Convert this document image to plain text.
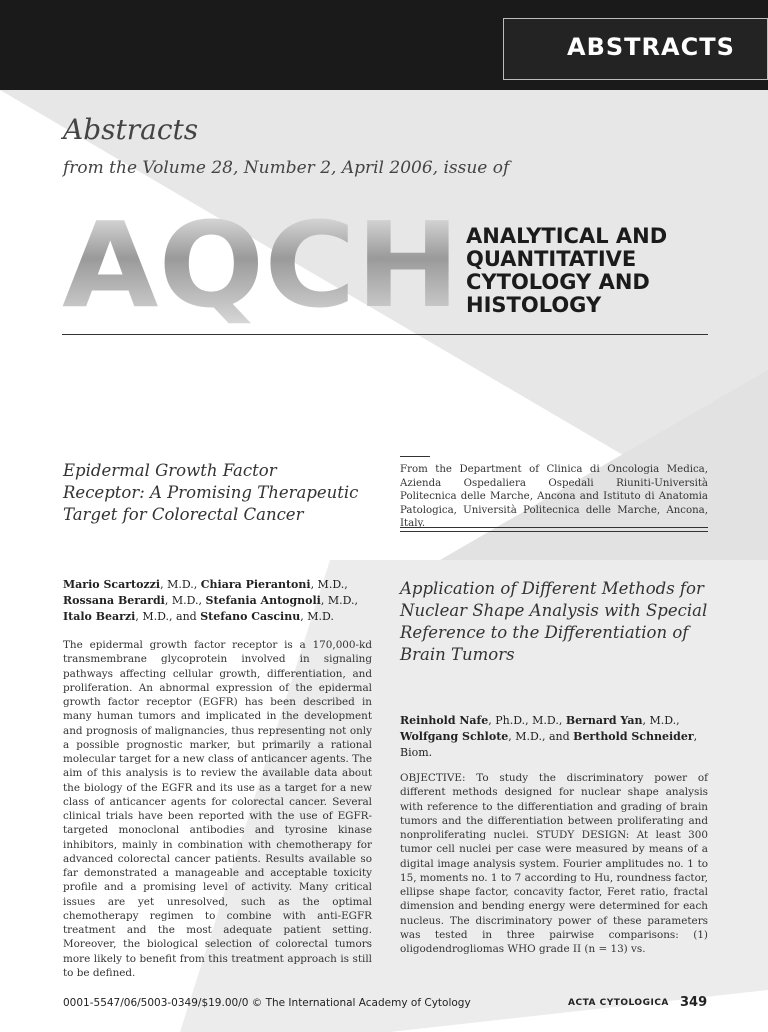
ABSTRACTS
Abstracts
from the Volume 28, Number 2, April 2006, issue of
AQCH ANALYTICAL AND
QUANTITATIVE
CYTOLOGY AND
HISTOLOGY
Epidermal Growth Factor Receptor: A Promising Therapeutic Target for Colorectal Cancer
From the Department of Clinica di Oncologia Medica, Azienda Ospedaliera Ospedali Riuniti-Università Politecnica delle Marche, Ancona and Istituto di Anatomia Patologica, Università Politecnica delle Marche, Ancona, Italy.
Mario Scartozzi, M.D., Chiara Pierantoni, M.D.,
Rossana Berardi, M.D., Stefania Antognoli, M.D.,
Italo Bearzi, M.D., and Stefano Cascinu, M.D.
The epidermal growth factor receptor is a 170,000-kd transmembrane glycoprotein involved in signaling pathways affecting cellular growth, differentiation, and proliferation. An abnormal expression of the epidermal growth factor receptor (EGFR) has been described in many human tumors and implicated in the development and prognosis of malignancies, thus representing not only a possible prognostic marker, but primarily a rational molecular target for a new class of anticancer agents. The aim of this analysis is to review the available data about the biology of the EGFR and its use as a target for a new class of anticancer agents for colorectal cancer. Several clinical trials have been reported with the use of EGFR-targeted monoclonal antibodies and tyrosine kinase inhibitors, mainly in combination with chemotherapy for advanced colorectal cancer patients. Results available so far demonstrated a manageable and acceptable toxicity profile and a promising level of activity. Many critical issues are yet unresolved, such as the optimal chemotherapy regimen to combine with anti-EGFR treatment and the most adequate patient setting. Moreover, the biological selection of colorectal tumors more likely to benefit from this treatment approach is still to be defined.
Application of Different Methods for Nuclear Shape Analysis with Special Reference to the Differentiation of Brain Tumors
Reinhold Nafe, Ph.D., M.D., Bernard Yan, M.D.,
Wolfgang Schlote, M.D., and Berthold Schneider,
Biom.
OBJECTIVE: To study the discriminatory power of different methods designed for nuclear shape analysis with reference to the differentiation and grading of brain tumors and the differentiation between proliferating and nonproliferating nuclei. STUDY DESIGN: At least 300 tumor cell nuclei per case were measured by means of a digital image analysis system. Fourier amplitudes no. 1 to 15, moments no. 1 to 7 according to Hu, roundness factor, ellipse shape factor, concavity factor, Feret ratio, fractal dimension and bending energy were determined for each nucleus. The discriminatory power of these parameters was tested in three pairwise comparisons: (1) oligodendrogliomas WHO grade II (n = 13) vs.
0001-5547/06/5003-0349/$19.00/0 © The International Academy of Cytology	ACTA CYTOLOGICA 349
